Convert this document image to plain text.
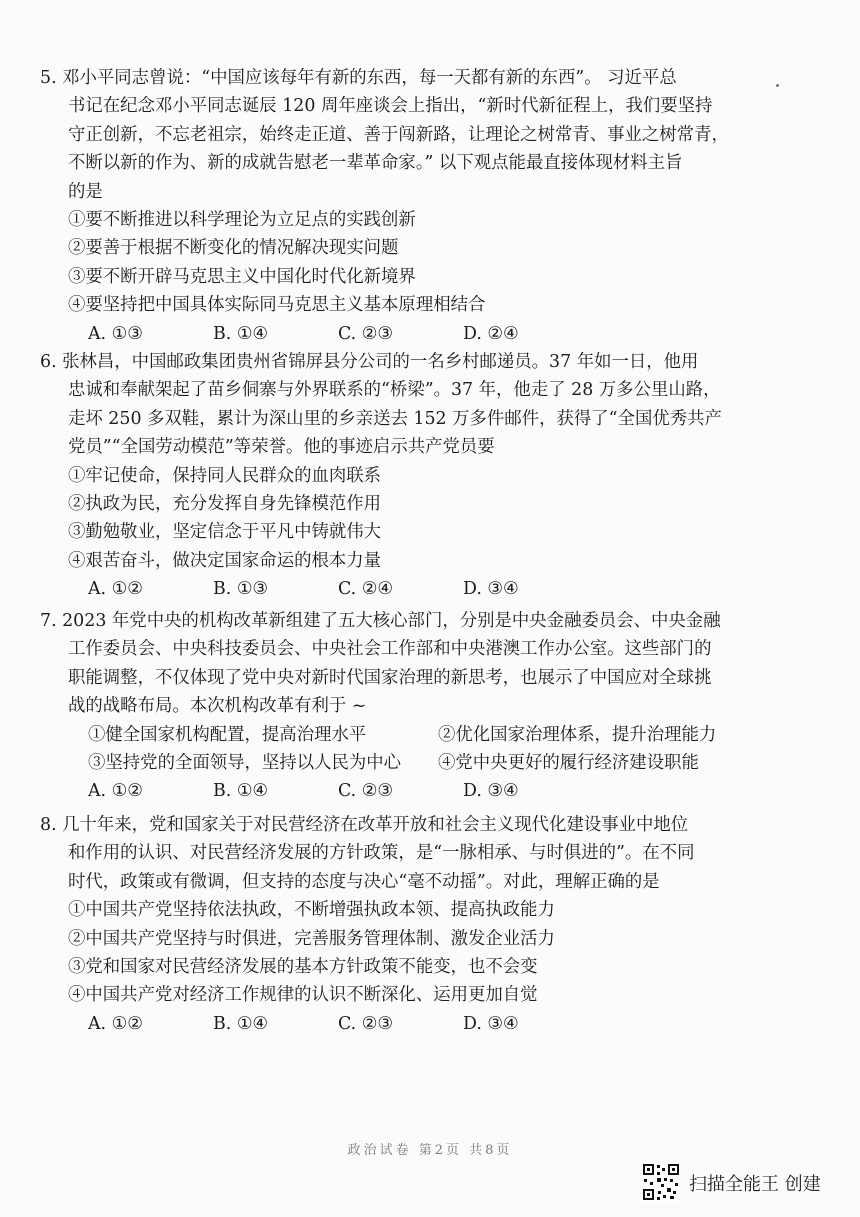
5. 邓小平同志曾说：“中国应该每年有新的东西，每一天都有新的东西”。 习近平总
书记在纪念邓小平同志诞辰 120 周年座谈会上指出，“新时代新征程上，我们要坚持
守正创新，不忘老祖宗，始终走正道、善于闯新路，让理论之树常青、事业之树常青，
不断以新的作为、新的成就告慰老一辈革命家。” 以下观点能最直接体现材料主旨
的是
①要不断推进以科学理论为立足点的实践创新
②要善于根据不断变化的情况解决现实问题
③要不断开辟马克思主义中国化时代化新境界
④要坚持把中国具体实际同马克思主义基本原理相结合
A. ①③	B. ①④	C. ②③	D. ②④
6. 张林昌，中国邮政集团贵州省锦屏县分公司的一名乡村邮递员。37 年如一日，他用
忠诚和奉献架起了苗乡侗寨与外界联系的“桥梁”。37 年，他走了 28 万多公里山路，
走坏 250 多双鞋，累计为深山里的乡亲送去 152 万多件邮件，获得了“全国优秀共产
党员”“全国劳动模范”等荣誉。他的事迹启示共产党员要
①牢记使命，保持同人民群众的血肉联系
②执政为民，充分发挥自身先锋模范作用
③勤勉敬业，坚定信念于平凡中铸就伟大
④艰苦奋斗，做决定国家命运的根本力量
A. ①②	B. ①③	C. ②④	D. ③④
7. 2023 年党中央的机构改革新组建了五大核心部门，分别是中央金融委员会、中央金融
工作委员会、中央科技委员会、中央社会工作部和中央港澳工作办公室。这些部门的
职能调整，不仅体现了党中央对新时代国家治理的新思考，也展示了中国应对全球挑
战的战略布局。本次机构改革有利于 ~
①健全国家机构配置，提高治理水平	②优化国家治理体系，提升治理能力
③坚持党的全面领导，坚持以人民为中心 ④党中央更好的履行经济建设职能
A. ①②	B. ①④	C. ②③	D. ③④
8. 几十年来，党和国家关于对民营经济在改革开放和社会主义现代化建设事业中地位
和作用的认识、对民营经济发展的方针政策，是“一脉相承、与时俱进的”。在不同
时代，政策或有微调，但支持的态度与决心“毫不动摇”。对此，理解正确的是
①中国共产党坚持依法执政，不断增强执政本领、提高执政能力
②中国共产党坚持与时俱进，完善服务管理体制、激发企业活力
③党和国家对民营经济发展的基本方针政策不能变，也不会变
④中国共产党对经济工作规律的认识不断深化、运用更加自觉
A. ①②	B. ①④	C. ②③	D. ③④
政治试卷 第2页 共8页
扫描全能王 创建
